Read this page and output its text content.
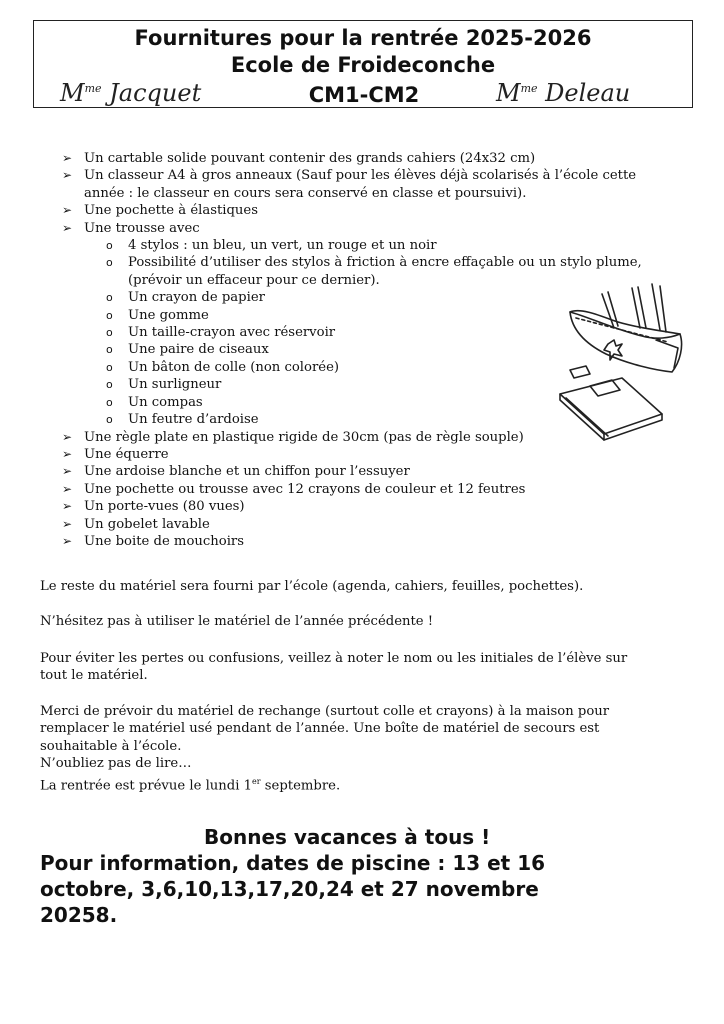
Fournitures pour la rentrée 2025-2026
Ecole de Froideconche
$M^{me}$ Jacquet	CM1-CM2	$M^{me}$ Deleau
➢ Un cartable solide pouvant contenir des grands cahiers (24x32 cm)
➢ Un classeur A4 à gros anneaux (Sauf pour les élèves déjà scolarisés à l’école cette
année : le classeur en cours sera conservé en classe et poursuivi).
➢ Une pochette à élastiques
➢ Une trousse avec
o 4 stylos : un bleu, un vert, un rouge et un noir
o Possibilité d’utiliser des stylos à friction à encre effaçable ou un stylo plume,
(prévoir un effaceur pour ce dernier).
o Un crayon de papier
o Une gomme
o Un taille-crayon avec réservoir
o Une paire de ciseaux
o Un bâton de colle (non colorée)
o Un surligneur
o Un compas
o Un feutre d’ardoise
➢ Une règle plate en plastique rigide de 30cm (pas de règle souple)
➢ Une équerre
➢ Une ardoise blanche et un chiffon pour l’essuyer
➢ Une pochette ou trousse avec 12 crayons de couleur et 12 feutres
➢ Un porte-vues (80 vues)
➢ Un gobelet lavable
➢ Une boite de mouchoirs
Le reste du matériel sera fourni par l’école (agenda, cahiers, feuilles, pochettes).
N’hésitez pas à utiliser le matériel de l’année précédente !
Pour éviter les pertes ou confusions, veillez à noter le nom ou les initiales de l’élève sur
tout le matériel.
Merci de prévoir du matériel de rechange (surtout colle et crayons) à la maison pour
remplacer le matériel usé pendant de l’année. Une boîte de matériel de secours est
souhaitable à l’école.
N’oubliez pas de lire…
La rentrée est prévue le lundi 1er septembre.
Bonnes vacances à tous !
Pour information, dates de piscine : 13 et 16
octobre, 3,6,10,13,17,20,24 et 27 novembre
20258.
